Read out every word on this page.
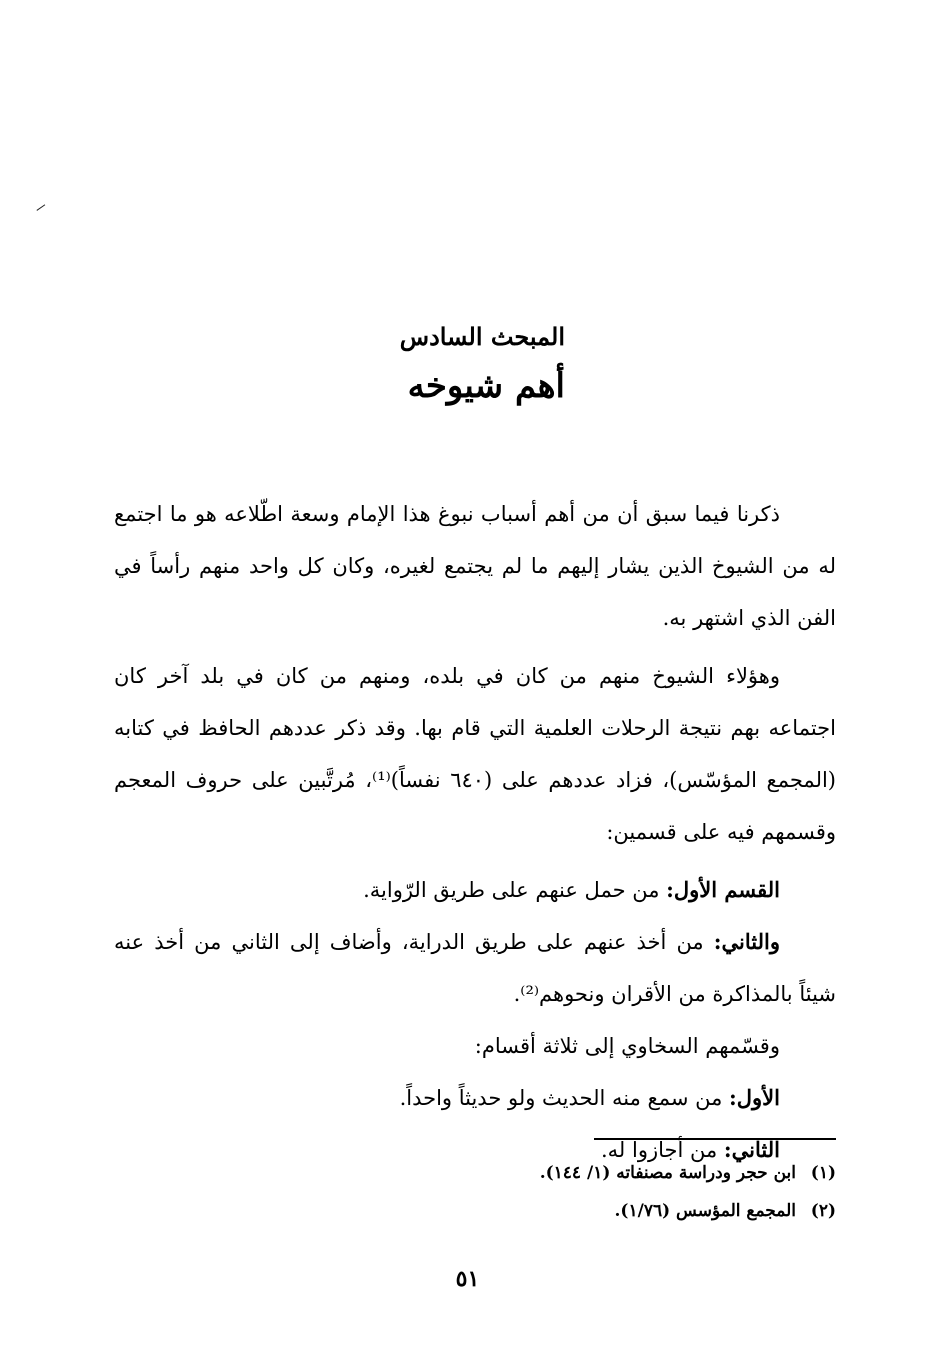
المبحث السادس
أهم شيوخه

ذكرنا فيما سبق أن من أهم أسباب نبوغ هذا الإمام وسعة اطّلاعه هو ما اجتمع له من الشيوخ الذين يشار إليهم ما لم يجتمع لغيره، وكان كل واحد منهم رأساً في الفن الذي اشتهر به.

وهؤلاء الشيوخ منهم من كان في بلده، ومنهم من كان في بلد آخر كان اجتماعه بهم نتيجة الرحلات العلمية التي قام بها. وقد ذكر عددهم الحافظ في كتابه (المجمع المؤسّس)، فزاد عددهم على (٦٤٠ نفساً)⁽¹⁾، مُرتَّبين على حروف المعجم وقسمهم فيه على قسمين:

القسم الأول: من حمل عنهم على طريق الرّواية.

والثاني: من أخذ عنهم على طريق الدراية، وأضاف إلى الثاني من أخذ عنه شيئاً بالمذاكرة من الأقران ونحوهم⁽²⁾.

وقسّمهم السخاوي إلى ثلاثة أقسام:

الأول: من سمع منه الحديث ولو حديثاً واحداً.

الثاني: من أجازوا له.

(١)ابن حجر ودراسة مصنفاته (١/ ١٤٤).
(٢)المجمع المؤسس (١/٧٦).
٥١
